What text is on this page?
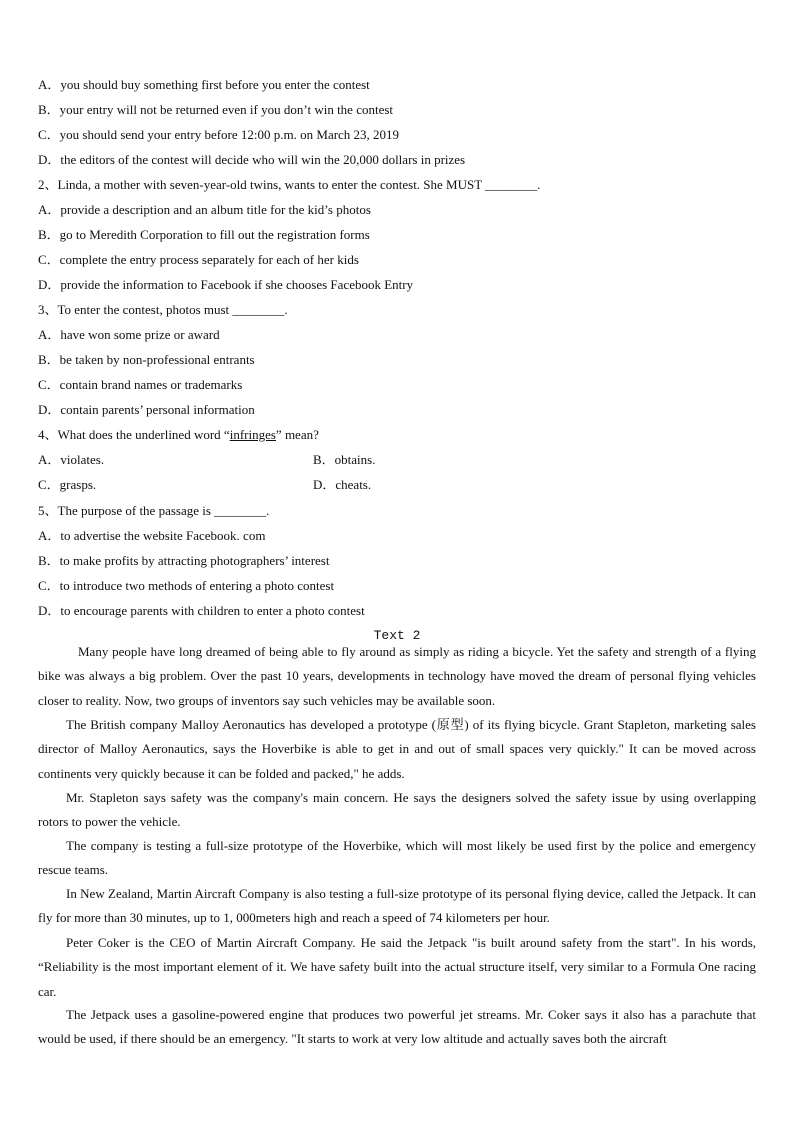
A．you should buy something first before you enter the contest
B．your entry will not be returned even if you don’t win the contest
C．you should send your entry before 12:00 p.m. on March 23, 2019
D．the editors of the contest will decide who will win the 20,000 dollars in prizes
2、Linda, a mother with seven-year-old twins, wants to enter the contest. She MUST ________.
A．provide a description and an album title for the kid’s photos
B．go to Meredith Corporation to fill out the registration forms
C．complete the entry process separately for each of her kids
D．provide the information to Facebook if she chooses Facebook Entry
3、To enter the contest, photos must ________.
A．have won some prize or award
B．be taken by non-professional entrants
C．contain brand names or trademarks
D．contain parents’ personal information
4、What does the underlined word “infringes” mean?
A．violates.	B．obtains.
C．grasps.	D．cheats.
5、The purpose of the passage is ________.
A．to advertise the website Facebook. com
B．to make profits by attracting photographers’ interest
C．to introduce two methods of entering a photo contest
D．to encourage parents with children to enter a photo contest
Text 2
Many people have long dreamed of being able to fly around as simply as riding a bicycle. Yet the safety and strength of a flying bike was always a big problem. Over the past 10 years, developments in technology have moved the dream of personal flying vehicles closer to reality. Now, two groups of inventors say such vehicles may be available soon.
The British company Malloy Aeronautics has developed a prototype (原型) of its flying bicycle. Grant Stapleton, marketing sales director of Malloy Aeronautics, says the Hoverbike is able to get in and out of small spaces very quickly." It can be moved across continents very quickly because it can be folded and packed," he adds.
Mr. Stapleton says safety was the company's main concern. He says the designers solved the safety issue by using overlapping rotors to power the vehicle.
The company is testing a full-size prototype of the Hoverbike, which will most likely be used first by the police and emergency rescue teams.
In New Zealand, Martin Aircraft Company is also testing a full-size prototype of its personal flying device, called the Jetpack. It can fly for more than 30 minutes, up to 1, 000meters high and reach a speed of 74 kilometers per hour.
Peter Coker is the CEO of Martin Aircraft Company. He said the Jetpack "is built around safety from the start". In his words, “Reliability is the most important element of it. We have safety built into the actual structure itself, very similar to a Formula One racing car.
The Jetpack uses a gasoline-powered engine that produces two powerful jet streams. Mr. Coker says it also has a parachute that would be used, if there should be an emergency. "It starts to work at very low altitude and actually saves both the aircraft
